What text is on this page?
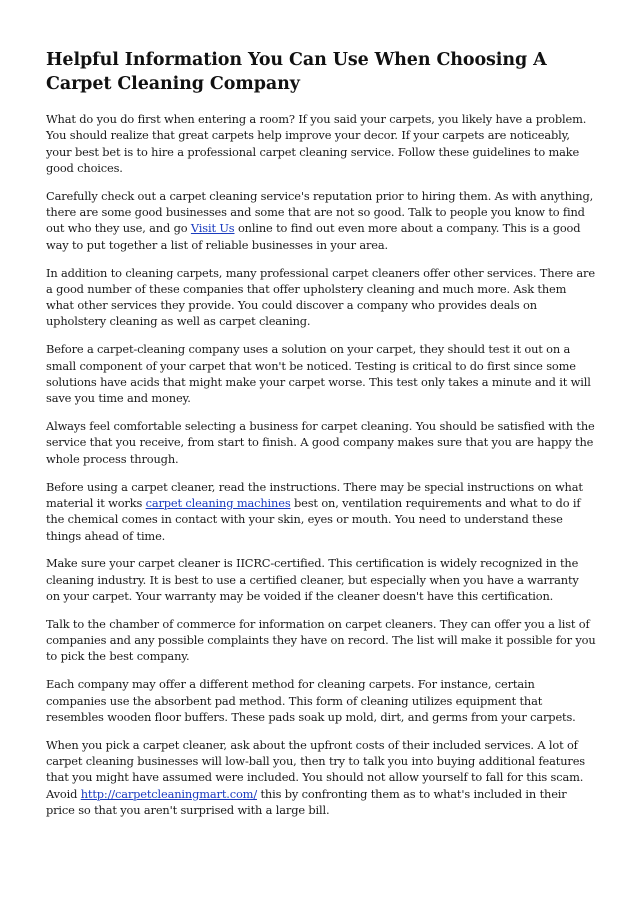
Helpful Information You Can Use When Choosing A Carpet Cleaning Company

What do you do first when entering a room? If you said your carpets, you likely have a problem. You should realize that great carpets help improve your decor. If your carpets are noticeably, your best bet is to hire a professional carpet cleaning service. Follow these guidelines to make good choices.

Carefully check out a carpet cleaning service's reputation prior to hiring them. As with anything, there are some good businesses and some that are not so good. Talk to people you know to find out who they use, and go Visit Us online to find out even more about a company. This is a good way to put together a list of reliable businesses in your area.

In addition to cleaning carpets, many professional carpet cleaners offer other services. There are a good number of these companies that offer upholstery cleaning and much more. Ask them what other services they provide. You could discover a company who provides deals on upholstery cleaning as well as carpet cleaning.

Before a carpet-cleaning company uses a solution on your carpet, they should test it out on a small component of your carpet that won't be noticed. Testing is critical to do first since some solutions have acids that might make your carpet worse. This test only takes a minute and it will save you time and money.

Always feel comfortable selecting a business for carpet cleaning. You should be satisfied with the service that you receive, from start to finish. A good company makes sure that you are happy the whole process through.

Before using a carpet cleaner, read the instructions. There may be special instructions on what material it works carpet cleaning machines best on, ventilation requirements and what to do if the chemical comes in contact with your skin, eyes or mouth. You need to understand these things ahead of time.

Make sure your carpet cleaner is IICRC-certified. This certification is widely recognized in the cleaning industry. It is best to use a certified cleaner, but especially when you have a warranty on your carpet. Your warranty may be voided if the cleaner doesn't have this certification.

Talk to the chamber of commerce for information on carpet cleaners. They can offer you a list of companies and any possible complaints they have on record. The list will make it possible for you to pick the best company.

Each company may offer a different method for cleaning carpets. For instance, certain companies use the absorbent pad method. This form of cleaning utilizes equipment that resembles wooden floor buffers. These pads soak up mold, dirt, and germs from your carpets.

When you pick a carpet cleaner, ask about the upfront costs of their included services. A lot of carpet cleaning businesses will low-ball you, then try to talk you into buying additional features that you might have assumed were included. You should not allow yourself to fall for this scam. Avoid http://carpetcleaningmart.com/ this by confronting them as to what's included in their price so that you aren't surprised with a large bill.
